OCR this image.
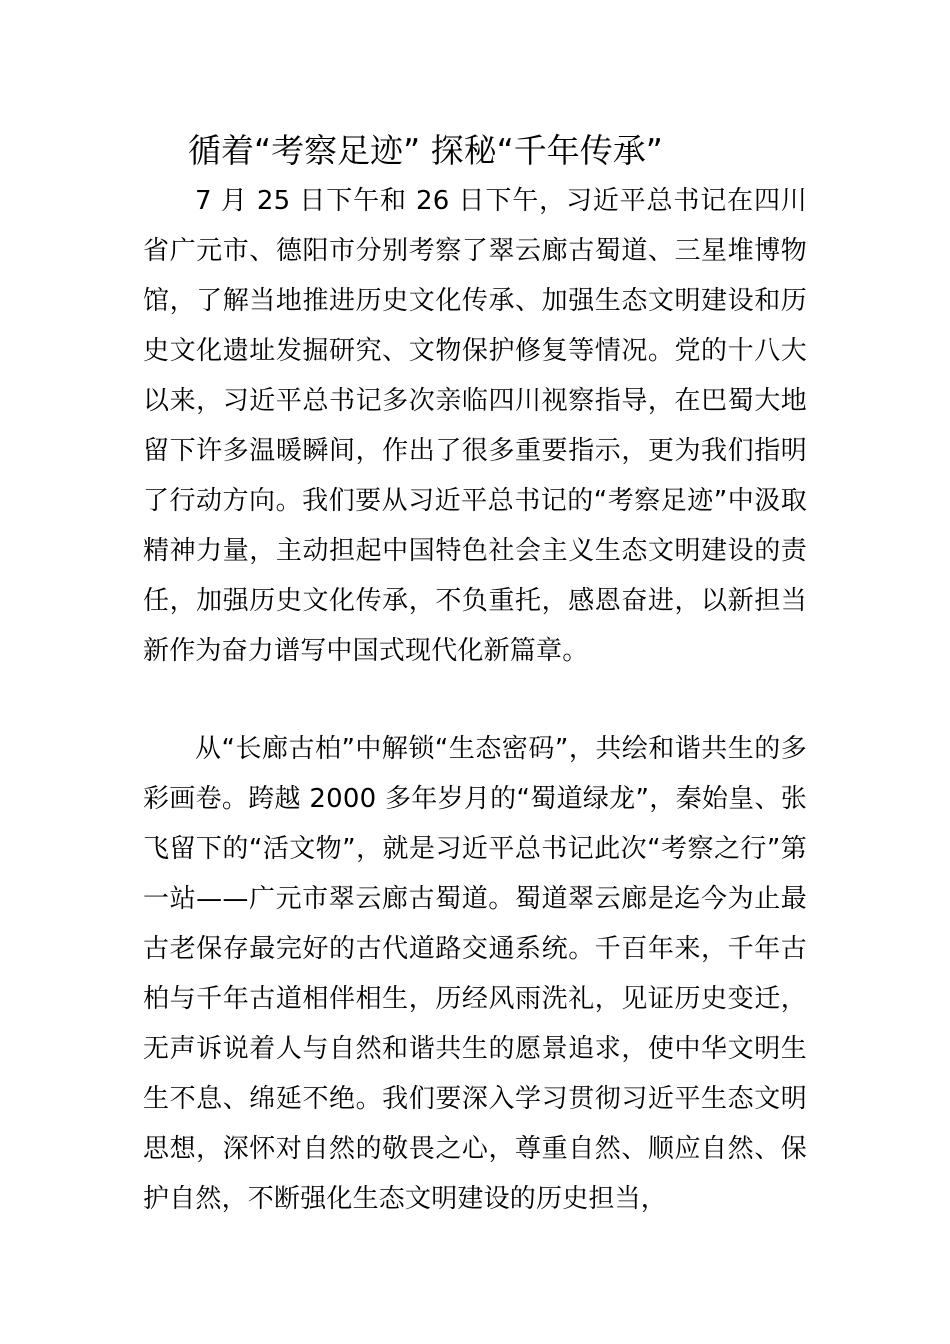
循着“考察足迹” 探秘“千年传承”

7 月 25 日下午和 26 日下午，习近平总书记在四川省广元市、德阳市分别考察了翠云廊古蜀道、三星堆博物馆，了解当地推进历史文化传承、加强生态文明建设和历史文化遗址发掘研究、文物保护修复等情况。党的十八大以来，习近平总书记多次亲临四川视察指导，在巴蜀大地留下许多温暖瞬间，作出了很多重要指示，更为我们指明了行动方向。我们要从习近平总书记的“考察足迹”中汲取精神力量，主动担起中国特色社会主义生态文明建设的责任，加强历史文化传承，不负重托，感恩奋进，以新担当新作为奋力谱写中国式现代化新篇章。

从“长廊古柏”中解锁“生态密码”，共绘和谐共生的多彩画卷。跨越 2000 多年岁月的“蜀道绿龙”，秦始皇、张飞留下的“活文物”，就是习近平总书记此次“考察之行”第一站——广元市翠云廊古蜀道。蜀道翠云廊是迄今为止最古老保存最完好的古代道路交通系统。千百年来，千年古柏与千年古道相伴相生，历经风雨洗礼，见证历史变迁，无声诉说着人与自然和谐共生的愿景追求，使中华文明生生不息、绵延不绝。我们要深入学习贯彻习近平生态文明思想，深怀对自然的敬畏之心，尊重自然、顺应自然、保护自然，不断强化生态文明建设的历史担当，
